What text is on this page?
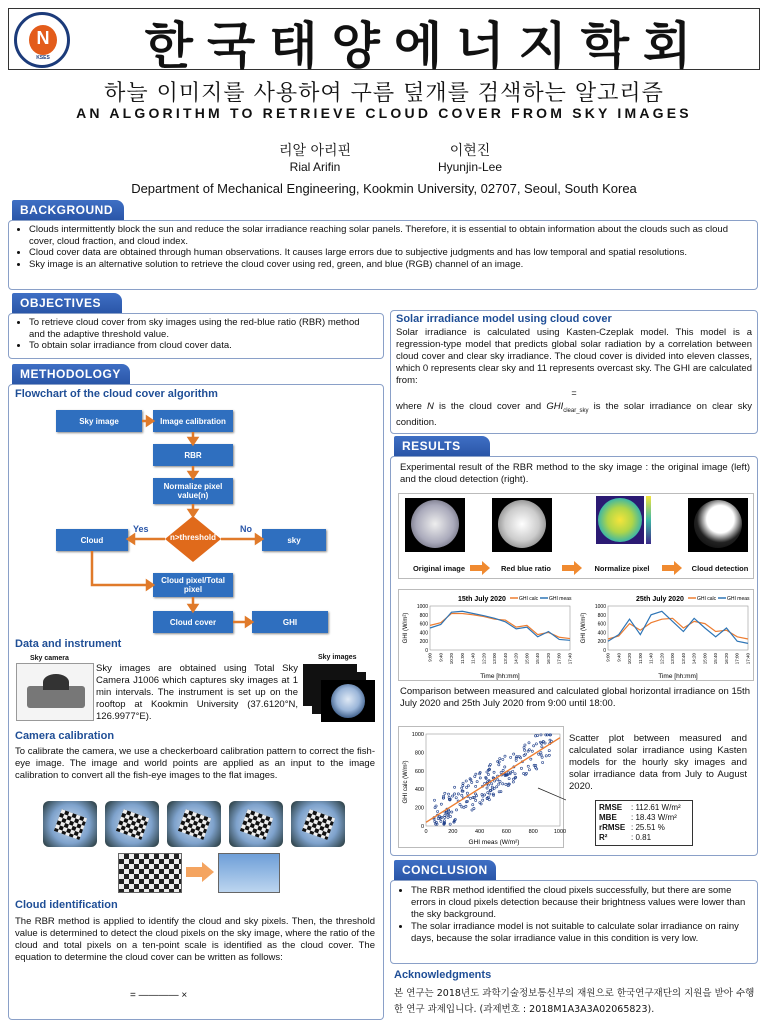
N
KSES	한국태양에너지학회
하늘 이미지를 사용하여 구름 덮개를 검색하는 알고리즘
AN ALGORITHM TO RETRIEVE CLOUD COVER FROM SKY IMAGES
리알 아리핀
Rial Arifin
이현진
Hyunjin-Lee
Department of Mechanical Engineering, Kookmin University, 02707, Seoul, South Korea
BACKGROUND
• Clouds intermittently block the sun and reduce the solar irradiance reaching solar panels. Therefore, it is essential to obtain information about the clouds such as cloud cover, cloud fraction, and cloud index.
• Cloud cover data are obtained through human observations. It causes large errors due to subjective judgments and has low temporal and spatial resolutions.
• Sky image is an alternative solution to retrieve the cloud cover using red, green, and blue (RGB) channel of an image.
OBJECTIVES
• To retrieve cloud cover from sky images using the red-blue ratio (RBR) method and the adaptive threshold value.
• To obtain solar irradiance from cloud cover data.
METHODOLOGY
Flowchart of the cloud cover algorithm
Sky image	Image calibration
RBR
Normalize pixel value(n)
n>threshold
Yes	No
Cloud	sky
Cloud pixel/Total pixel
Cloud cover	GHI
Data and instrument
Sky camera
Sky images are obtained using Total Sky Camera J1006 which captures sky images at 1 min intervals. The instrument is set up on the rooftop at Kookmin University (37.6120°N, 126.9977°E).
Sky images
Camera calibration
To calibrate the camera, we use a checkerboard calibration pattern to correct the fish-eye image. The image and world points are applied as an input to the image calibration to convert all the fish-eye images to the flat images.
Cloud identification
The RBR method is applied to identify the cloud and sky pixels. Then, the threshold value is determined to detect the cloud pixels on the sky image, where the ratio of the cloud and total pixels on a ten-point scale is identified as the cloud cover. The equation to determine the cloud cover can be written as follows:
= ———— ×
Solar irradiance model using cloud cover
Solar irradiance is calculated using Kasten-Czeplak model. This model is a regression-type model that predicts global solar radiation by a correlation between cloud cover and clear sky irradiance. The cloud cover is divided into eleven classes, which 0 represents clear sky and 11 represents overcast sky. The GHI are calculated from:
=
where N is the cloud cover and $GHI_{clear\_sky}$ is the solar irradiance on clear sky condition.
RESULTS
Experimental result of the RBR method to the sky image : the original image (left) and the cloud detection (right).
Original image	Red blue ratio	Normalize pixel	Cloud detection
15th July 2020	GHI calc GHI meas
0
200
400
600
800
1000
9:00 9:40 10:20 11:00 11:40 12:20 13:00 13:40 14:20 15:00 15:40 16:20 17:00 17:40
GHI (W/m²)
Time [hh:mm]
25th July 2020	GHI calc GHI meas
0
200
400
600
800
1000
9:00 9:40 10:20 11:00 11:40 12:20 13:00 13:40 14:20 15:00 15:40 16:20 17:00 17:40
GHI (W/m²)
Time [hh:mm]
Comparison between measured and calculated global horizontal irradiance on 15th July 2020 and 25th July 2020 from 9:00 until 18:00.
0
200
400
600
800
1000
0	200	400	600	800	1000
GHI calc (W/m²)
GHI meas (W/m²)
Scatter plot between measured and calculated solar irradiance using Kasten models for the hourly sky images and solar irradiance data from July to August 2020.
RMSE : 112.61 W/m²
MBE : 18.43 W/m²
rRMSE : 25.51 %
R²	: 0.81
CONCLUSION
• The RBR method identified the cloud pixels successfully, but there are some errors in cloud pixels detection because their brightness values were lower than the sky background.
• The solar irradiance model is not suitable to calculate solar irradiance on rainy days, because the solar irradiance value in this condition is very low.
Acknowledgments
본 연구는 2018년도 과학기술정보통신부의 재원으로 한국연구재단의 지원을 받아 수행한 연구 과제입니다. (과제번호 : 2018M1A3A3A02065823).
